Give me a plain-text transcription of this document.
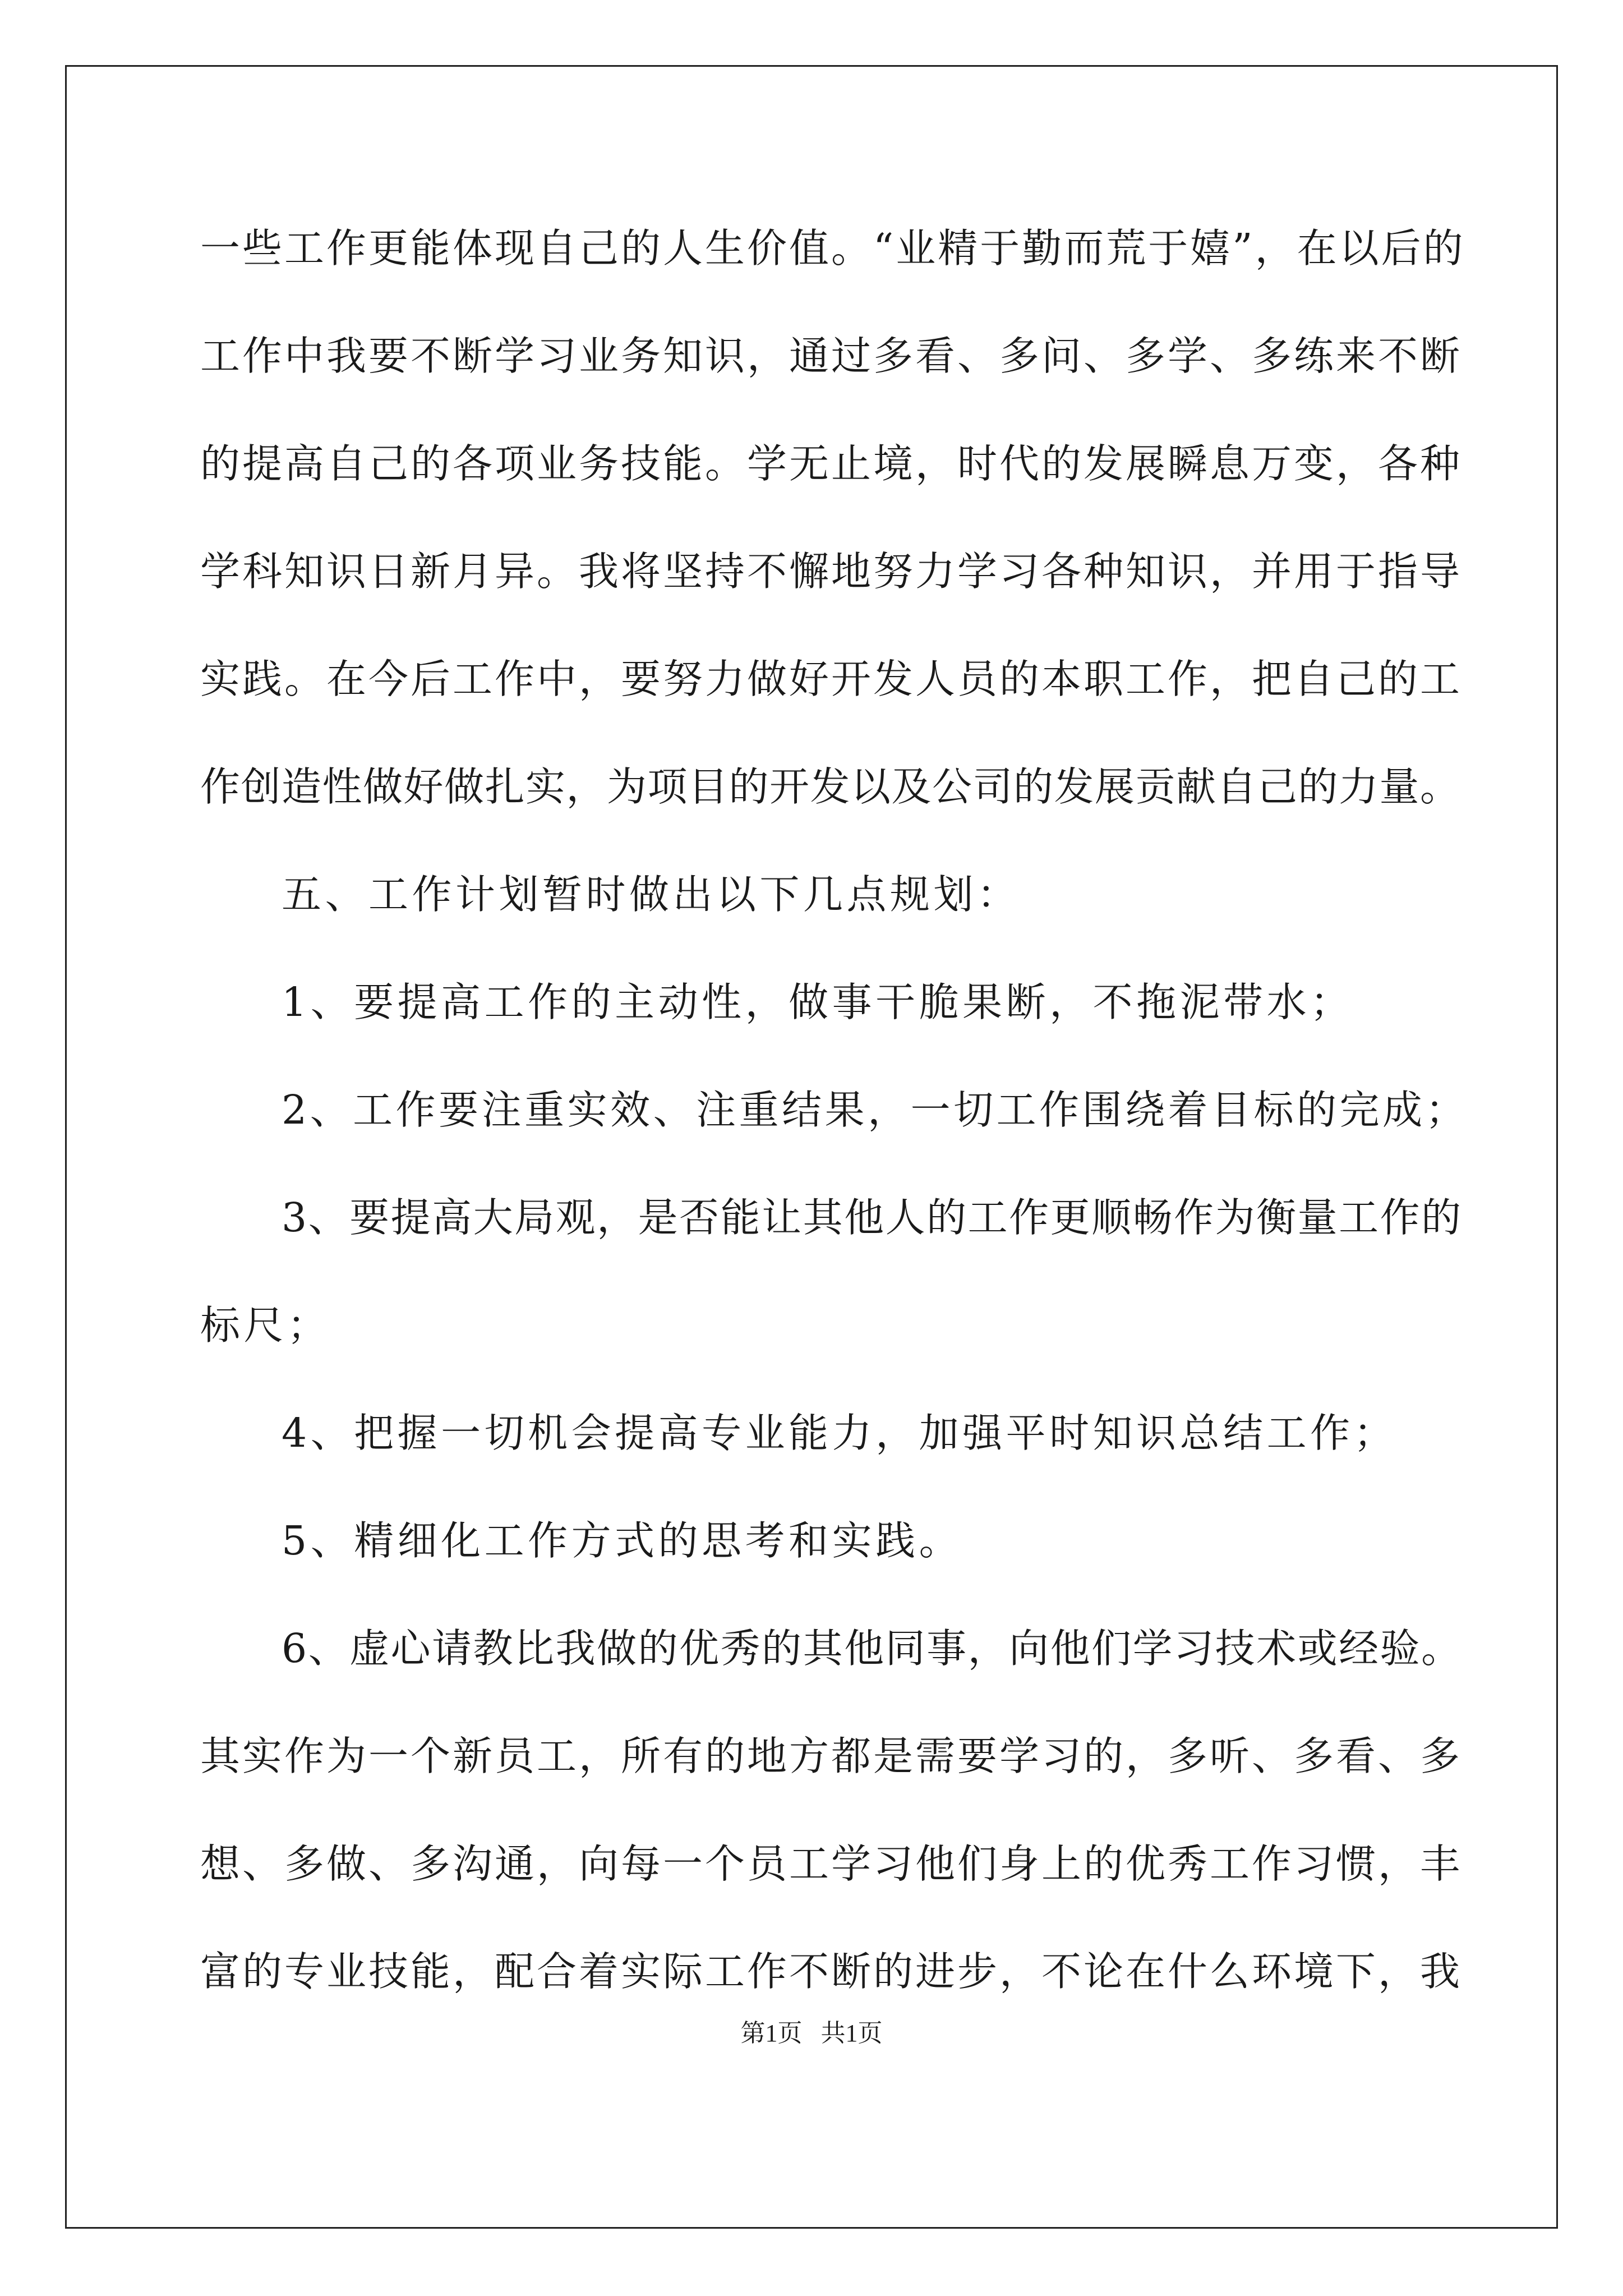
一些工作更能体现自己的人生价值。“业精于勤而荒于嬉”，在以后的
工作中我要不断学习业务知识，通过多看、多问、多学、多练来不断
的提高自己的各项业务技能。学无止境，时代的发展瞬息万变，各种
学科知识日新月异。我将坚持不懈地努力学习各种知识，并用于指导
实践。在今后工作中，要努力做好开发人员的本职工作，把自己的工
作创造性做好做扎实，为项目的开发以及公司的发展贡献自己的力量。
五、工作计划暂时做出以下几点规划：
1、要提高工作的主动性，做事干脆果断，不拖泥带水；
2、工作要注重实效、注重结果，一切工作围绕着目标的完成；
3、要提高大局观，是否能让其他人的工作更顺畅作为衡量工作的
标尺；
4、把握一切机会提高专业能力，加强平时知识总结工作；
5、精细化工作方式的思考和实践。
6、虚心请教比我做的优秀的其他同事，向他们学习技术或经验。
其实作为一个新员工，所有的地方都是需要学习的，多听、多看、多
想、多做、多沟通，向每一个员工学习他们身上的优秀工作习惯，丰
富的专业技能，配合着实际工作不断的进步，不论在什么环境下，我
第1页   共1页
